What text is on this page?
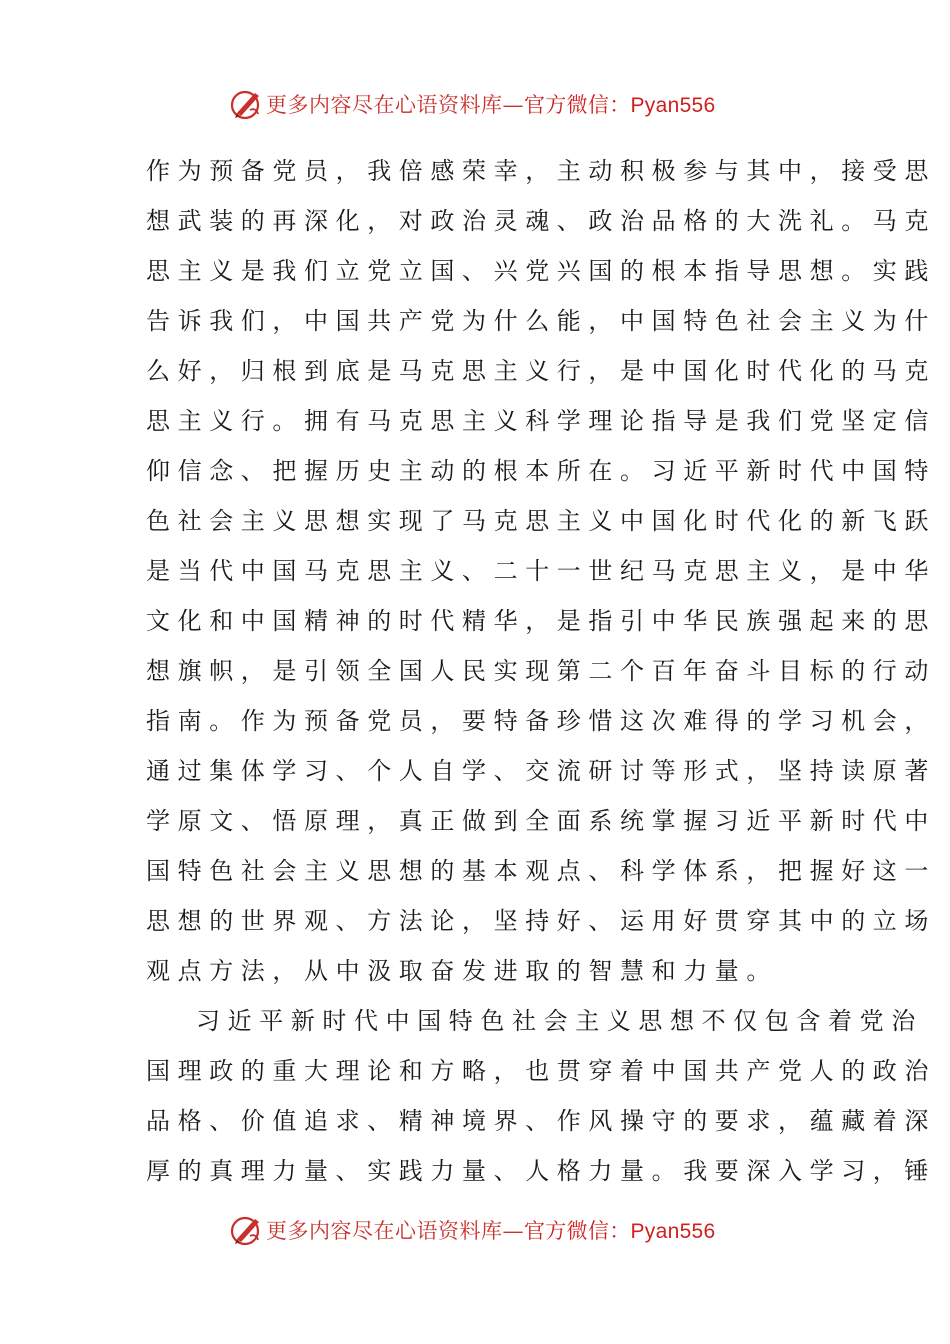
更多内容尽在心语资料库— 官方微信：Pyan556
作为预备党员，我倍感荣幸，主动积极参与其中，接受思
想武装的再深化，对政治灵魂、政治品格的大洗礼。马克
思主义是我们立党立国、兴党兴国的根本指导思想。实践
告诉我们，中国共产党为什么能，中国特色社会主义为什
么好，归根到底是马克思主义行，是中国化时代化的马克
思主义行。拥有马克思主义科学理论指导是我们党坚定信
仰信念、把握历史主动的根本所在。习近平新时代中国特
色社会主义思想实现了马克思主义中国化时代化的新飞跃
是当代中国马克思主义、二十一世纪马克思主义，是中华
文化和中国精神的时代精华，是指引中华民族强起来的思
想旗帜，是引领全国人民实现第二个百年奋斗目标的行动
指南。作为预备党员，要特备珍惜这次难得的学习机会，
通过集体学习、个人自学、交流研讨等形式，坚持读原著
学原文、悟原理，真正做到全面系统掌握习近平新时代中
国特色社会主义思想的基本观点、科学体系，把握好这一
思想的世界观、方法论，坚持好、运用好贯穿其中的立场
观点方法，从中汲取奋发进取的智慧和力量。
习近平新时代中国特色社会主义思想不仅包含着党治
国理政的重大理论和方略，也贯穿着中国共产党人的政治
品格、价值追求、精神境界、作风操守的要求，蕴藏着深
厚的真理力量、实践力量、人格力量。我要深入学习，锤
更多内容尽在心语资料库— 官方微信：Pyan556
